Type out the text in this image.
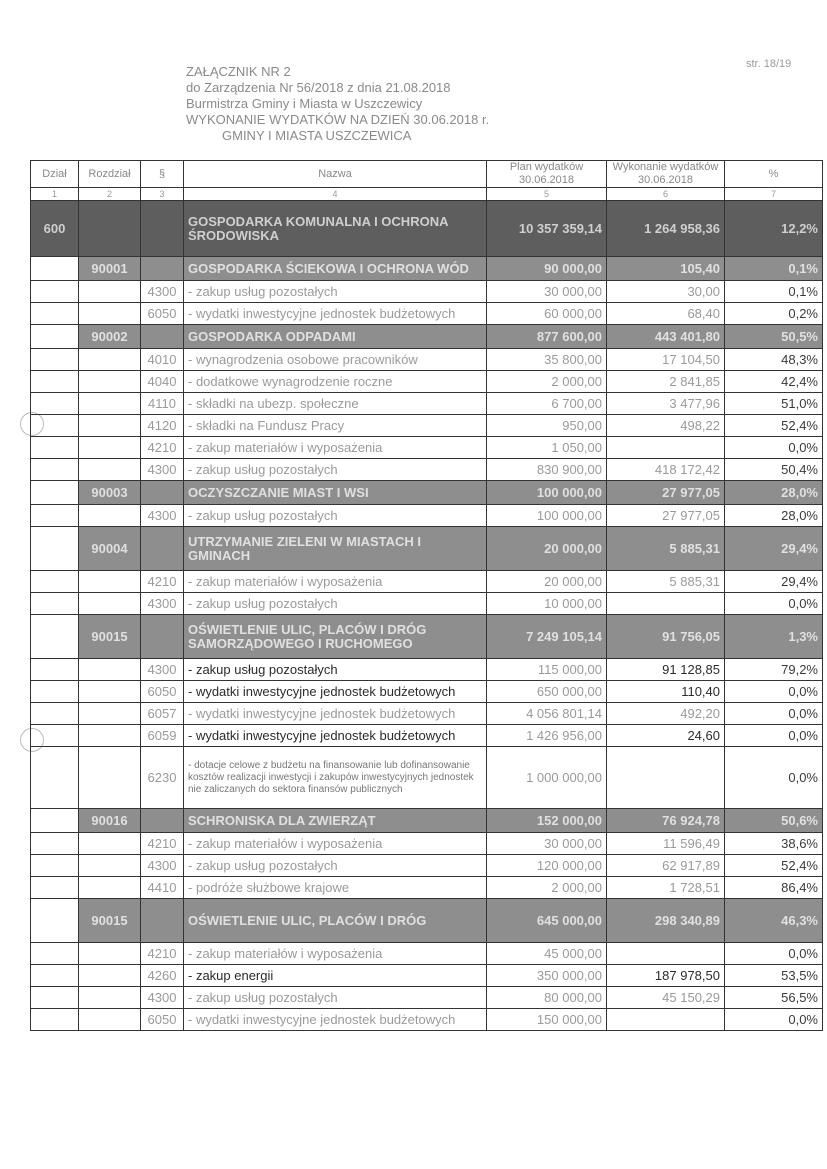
ZAŁĄCZNIK NR 2
do Zarządzenia Nr 56/2018 z dnia 21.08.2018
Burmistrza Gminy i Miasta w Uszczewicy
WYKONANIE WYDATKÓW NA DZIEŃ 30.06.2018 r.
GMINY I MIASTA USZCZEWICA
str. 18/19
Dział	Rozdział	§	Nazwa	Plan wydatków 30.06.2018	Wykonanie wydatków 30.06.2018	%
1	2	3	4	5	6	7
600			GOSPODARKA KOMUNALNA I OCHRONA ŚRODOWISKA	10 357 359,14	1 264 958,36	12,2%
	90001		GOSPODARKA ŚCIEKOWA I OCHRONA WÓD	90 000,00	105,40	0,1%
		4300	- zakup usług pozostałych	30 000,00	30,00	0,1%
		6050	- wydatki inwestycyjne jednostek budżetowych	60 000,00	68,40	0,2%
	90002		GOSPODARKA ODPADAMI	877 600,00	443 401,80	50,5%
		4010	- wynagrodzenia osobowe pracowników	35 800,00	17 104,50	48,3%
		4040	- dodatkowe wynagrodzenie roczne	2 000,00	2 841,85	42,4%
		4110	- składki na ubezp. społeczne	6 700,00	3 477,96	51,0%
		4120	- składki na Fundusz Pracy	950,00	498,22	52,4%
		4210	- zakup materiałów i wyposażenia	1 050,00		0,0%
		4300	- zakup usług pozostałych	830 900,00	418 172,42	50,4%
	90003		OCZYSZCZANIE MIAST I WSI	100 000,00	27 977,05	28,0%
		4300	- zakup usług pozostałych	100 000,00	27 977,05	28,0%
	90004		UTRZYMANIE ZIELENI W MIASTACH I GMINACH	20 000,00	5 885,31	29,4%
		4210	- zakup materiałów i wyposażenia	20 000,00	5 885,31	29,4%
		4300	- zakup usług pozostałych	10 000,00		0,0%
	90015		OŚWIETLENIE ULIC, PLACÓW I DRÓG SAMORZĄDOWEGO I RUCHOMEGO	7 249 105,14	91 756,05	1,3%
		4300	- zakup usług pozostałych	115 000,00	91 128,85	79,2%
		6050	- wydatki inwestycyjne jednostek budżetowych	650 000,00	110,40	0,0%
		6057	- wydatki inwestycyjne jednostek budżetowych	4 056 801,14	492,20	0,0%
		6059	- wydatki inwestycyjne jednostek budżetowych	1 426 956,00	24,60	0,0%
		6230	- dotacje celowe z budżetu na finansowanie lub dofinansowanie kosztów realizacji inwestycji i zakupów inwestycyjnych jednostek nie zaliczanych do sektora finansów publicznych	1 000 000,00		0,0%
	90016		SCHRONISKA DLA ZWIERZĄT	152 000,00	76 924,78	50,6%
		4210	- zakup materiałów i wyposażenia	30 000,00	11 596,49	38,6%
		4300	- zakup usług pozostałych	120 000,00	62 917,89	52,4%
		4410	- podróże służbowe krajowe	2 000,00	1 728,51	86,4%
	90015		OŚWIETLENIE ULIC, PLACÓW I DRÓG	645 000,00	298 340,89	46,3%
		4210	- zakup materiałów i wyposażenia	45 000,00		0,0%
		4260	- zakup energii	350 000,00	187 978,50	53,5%
		4300	- zakup usług pozostałych	80 000,00	45 150,29	56,5%
		6050	- wydatki inwestycyjne jednostek budżetowych	150 000,00		0,0%
